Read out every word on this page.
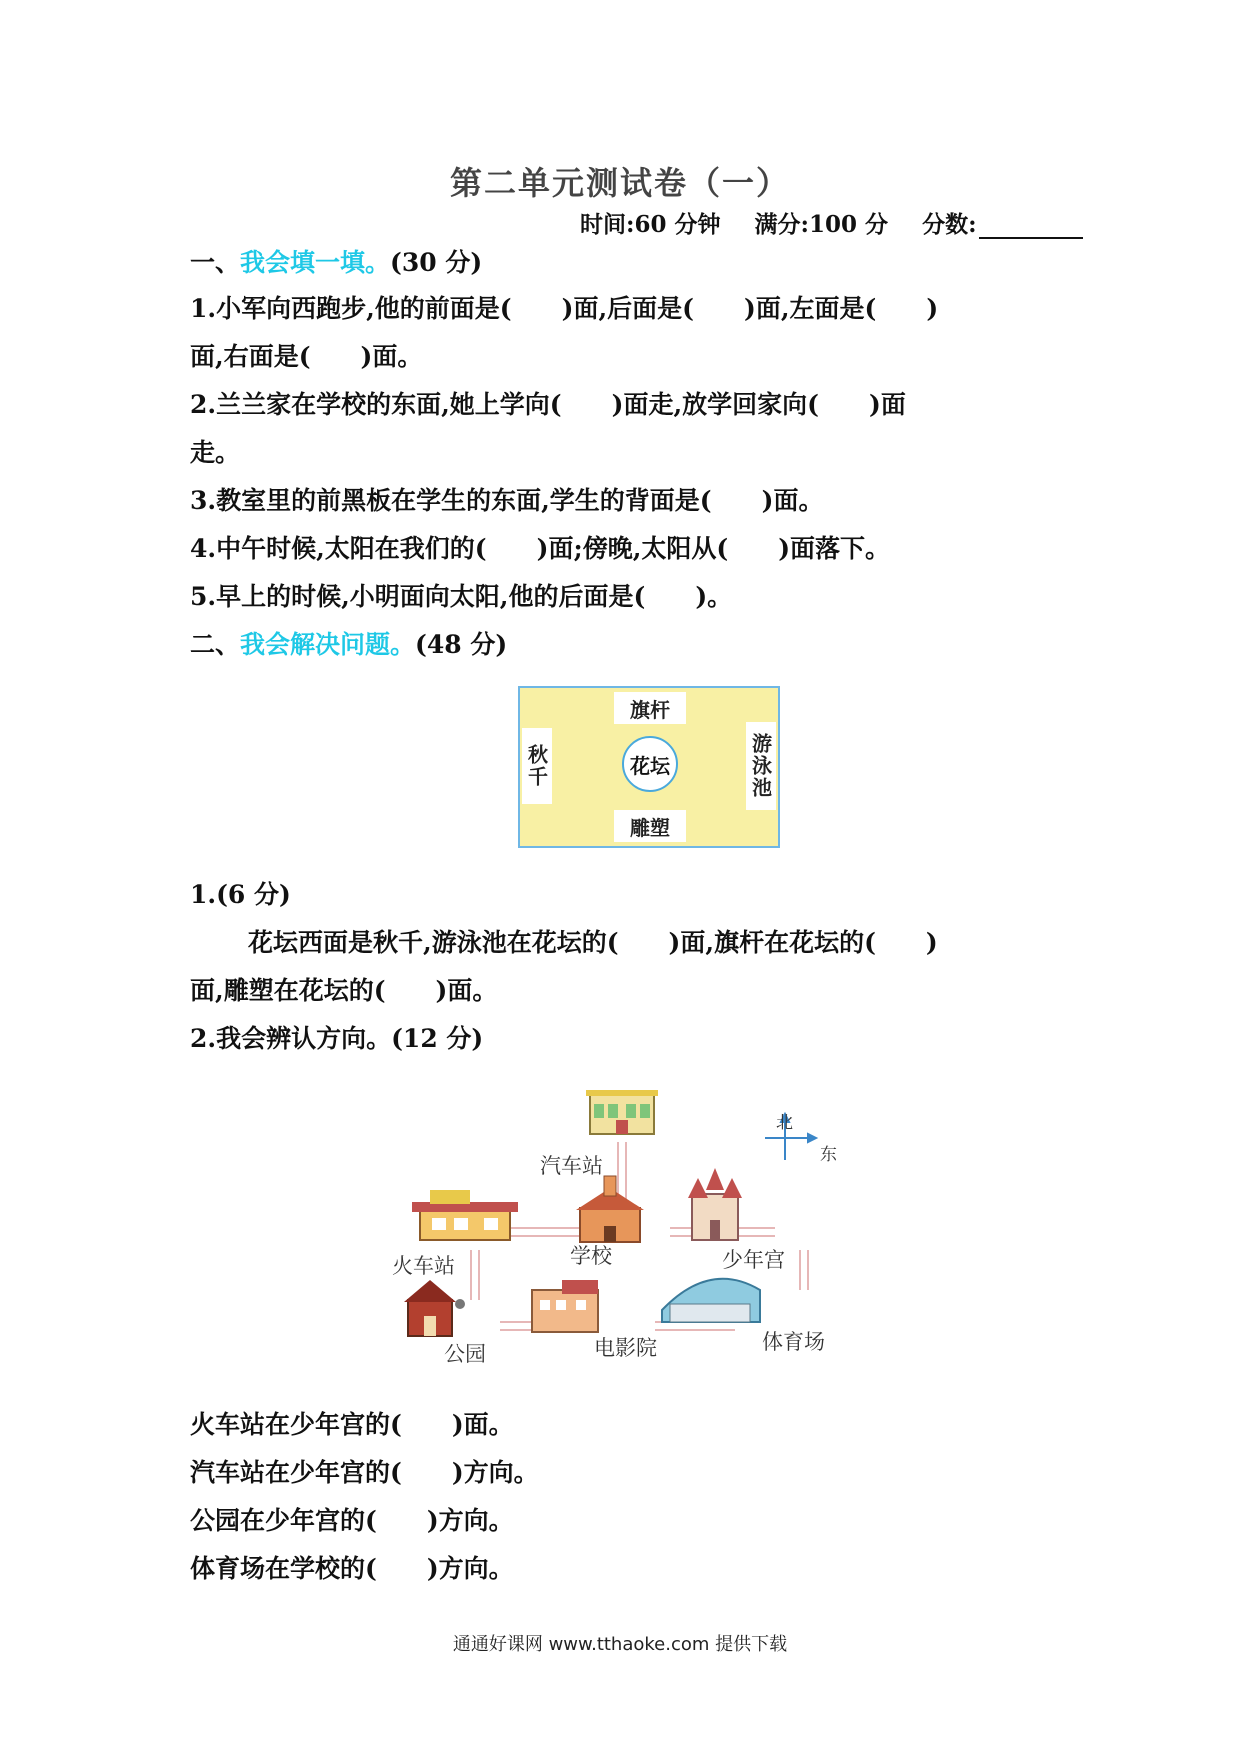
第二单元测试卷（一）
时间:60 分钟 满分:100 分 分数:
一、我会填一填。(30 分)
1.小军向西跑步,他的前面是(　　)面,后面是(　　)面,左面是(　　)
面,右面是(　　)面。
2.兰兰家在学校的东面,她上学向(　　)面走,放学回家向(　　)面
走。
3.教室里的前黑板在学生的东面,学生的背面是(　　)面。
4.中午时候,太阳在我们的(　　)面;傍晚,太阳从(　　)面落下。
5.早上的时候,小明面向太阳,他的后面是(　　)。
二、我会解决问题。(48 分)
旗杆
雕塑
秋千	游泳池
花坛
1.(6 分)
花坛西面是秋千,游泳池在花坛的(　　)面,旗杆在花坛的(　　)
面,雕塑在花坛的(　　)面。
2.我会辨认方向。(12 分)
汽车站
北
东
火车站	学校	少年宫
公园	电影院	体育场
火车站在少年宫的(　　)面。
汽车站在少年宫的(　　)方向。
公园在少年宫的(　　)方向。
体育场在学校的(　　)方向。
通通好课网 www.tthaoke.com 提供下载
